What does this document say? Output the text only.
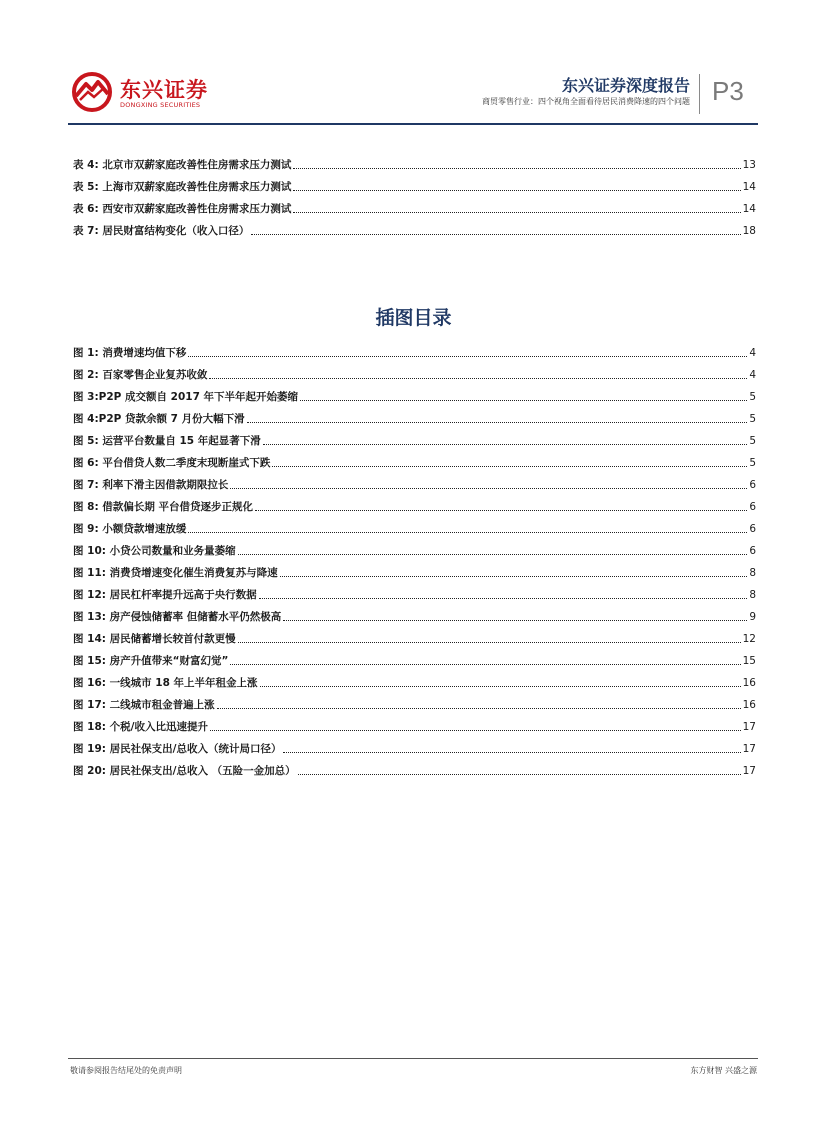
东兴证券
DONGXING SECURITIES
东兴证券深度报告
商贸零售行业：四个视角全面看待居民消费降速的四个问题 P3
表 4: 北京市双薪家庭改善性住房需求压力测试	13
表 5: 上海市双薪家庭改善性住房需求压力测试	14
表 6: 西安市双薪家庭改善性住房需求压力测试	14
表 7: 居民财富结构变化（收入口径）	18
插图目录
图 1: 消费增速均值下移	4
图 2: 百家零售企业复苏收敛	4
图 3:P2P 成交额自 2017 年下半年起开始萎缩	5
图 4:P2P 贷款余额 7 月份大幅下滑	5
图 5: 运营平台数量自 15 年起显著下滑	5
图 6: 平台借贷人数二季度末现断崖式下跌	5
图 7: 利率下滑主因借款期限拉长	6
图 8: 借款偏长期 平台借贷逐步正规化	6
图 9: 小额贷款增速放缓	6
图 10: 小贷公司数量和业务量萎缩	6
图 11: 消费贷增速变化催生消费复苏与降速	8
图 12: 居民杠杆率提升远高于央行数据	8
图 13: 房产侵蚀储蓄率 但储蓄水平仍然极高	9
图 14: 居民储蓄增长较首付款更慢	12
图 15: 房产升值带来“财富幻觉”	15
图 16: 一线城市 18 年上半年租金上涨	16
图 17: 二线城市租金普遍上涨	16
图 18: 个税/收入比迅速提升	17
图 19: 居民社保支出/总收入（统计局口径）	17
图 20: 居民社保支出/总收入 （五险一金加总）	17
敬请参阅报告结尾处的免责声明	东方财智 兴盛之源
